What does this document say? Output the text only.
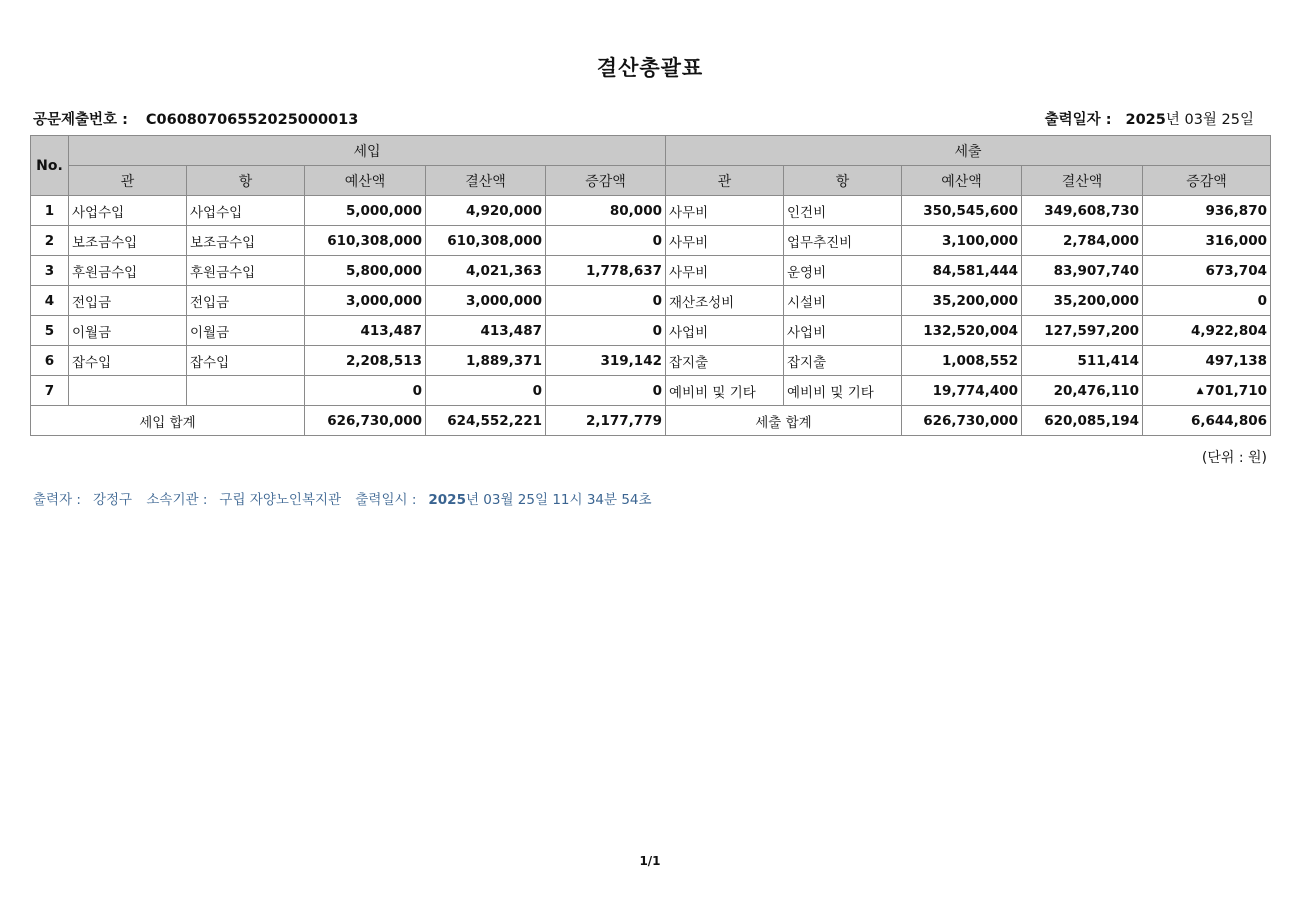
결산총괄표
공문제출번호 : C06080706552025000013	출력일자 : 2025년 03월 25일
No.	세입					세출				
	관	항	예산액	결산액	증감액	관	항	예산액	결산액	증감액
1	사업수입	사업수입	5,000,000	4,920,000	80,000	사무비	인건비	350,545,600	349,608,730	936,870
2	보조금수입	보조금수입	610,308,000	610,308,000	0	사무비	업무추진비	3,100,000	2,784,000	316,000
3	후원금수입	후원금수입	5,800,000	4,021,363	1,778,637	사무비	운영비	84,581,444	83,907,740	673,704
4	전입금	전입금	3,000,000	3,000,000	0	재산조성비	시설비	35,200,000	35,200,000	0
5	이월금	이월금	413,487	413,487	0	사업비	사업비	132,520,004	127,597,200	4,922,804
6	잡수입	잡수입	2,208,513	1,889,371	319,142	잡지출	잡지출	1,008,552	511,414	497,138
7			0	0	0	예비비 및 기타	예비비 및 기타	19,774,400	20,476,110	▲ 701,710
세입 합계			626,730,000	624,552,221	2,177,779	세출 합계		626,730,000	620,085,194	6,644,806
(단위 : 원)
출력자 : 강정구 소속기관 : 구립 자양노인복지관 출력일시 : 2025년 03월 25일 11시 34분 54초
1/1
